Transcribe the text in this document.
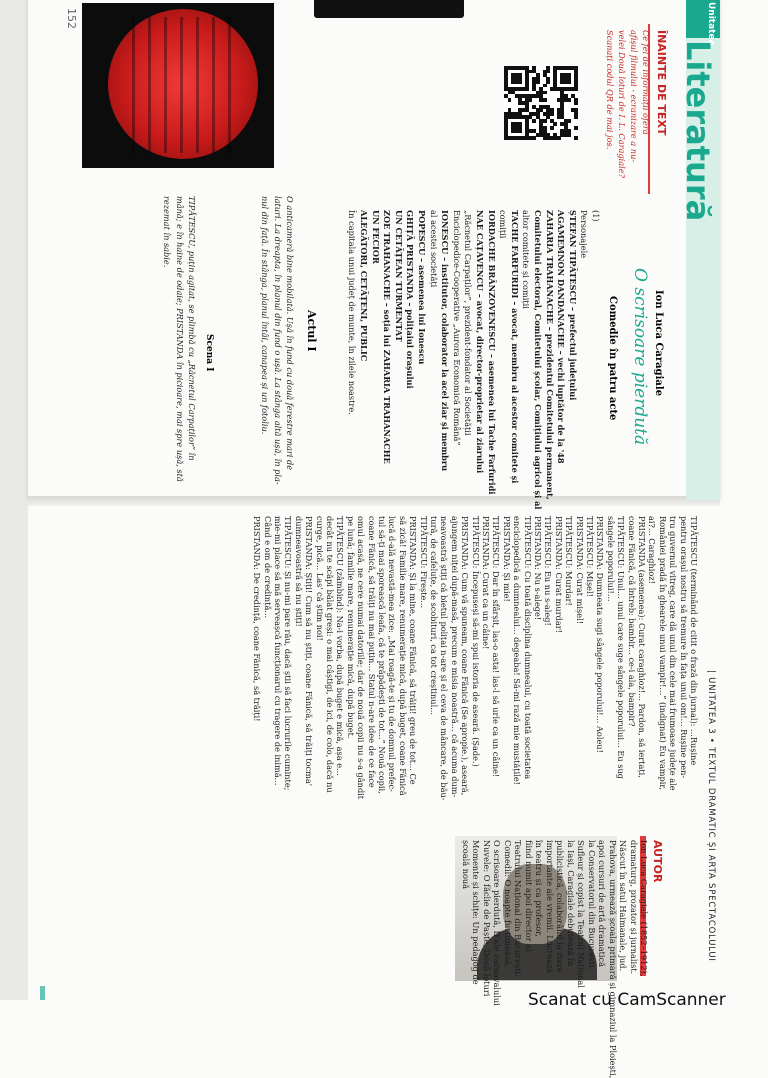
Unitatea
Literatură
152
ÎNAINTE DE TEXT
Ce fel de informații oferă
afișul filmului - ecranizare a nu-
velei Două loturi de I. L. Caragiale?
Scanați codul QR de mai jos.
Ion Luca Caragiale
O scrisoare pierdută
Comedie în patru acte
(1)
Personajele
ȘTEFAN TIPĂTESCU – prefectul județului
AGAMEMNON DANDANACHE – vechi luptător de la '48
ZAHARIA TRAHANACHE – prezidentul Comitetului permanent,
Comitetului electoral, Comitetului școlar, Comițiului agricol și al
altor comitete și comiții
TACHE FARFURIDI – avocat, membru al acestor comitete și
comiții
IORDACHE BRÂNZOVENESCU – asemenea lui Tache Farfuridi
NAE CAȚAVENCU – avocat, director-proprietar al ziarului
„Răcnetul Carpaților”, prezident-fondator al Societății
Enciclopedice-Cooperative „Aurora Economică Română”
IONESCU – institutor, colaborator la acel ziar și membru
al acestei societăți
POPESCU – asemenea lui Ionescu
GHIȚĂ PRISTANDA – polițaiul orașului
UN CETĂȚEAN TURMENTAT
ZOE TRAHANACHE – soția lui ZAHARIA TRAHANACHE
UN FECIOR
ALEGĂTORI, CETĂȚENI, PUBLIC
În capitala unui județ de munte, în zilele noastre.
Actul I
O anticameră bine mobilată. Ușă în fund cu două ferestre mari de
laturi. La dreapta, în planul din fund o ușă. La stânga altă ușă, în pla-
nul din față. În stânga, planul întâi, canapea și un fotoliu.
Scena I
TIPĂTESCU, puțin agitat, se plimbă cu „Răcnetul Carpaților” în
mână; e în haine de odaie; PRISTANDA în picioare, mai spre ușă, stă
rezemat în sabie.
| UNITATEA 3 • TEXTUL DRAMATIC ȘI ARTA SPECTACOLULUI
TIPĂTESCU (terminând de citit o frază din jurnal): ...Rușine
pentru orașul nostru să tremure în fața unui om!... Rușine pen-
tru guvernul vitreg, care dă unul din cele mai frumoase județe ale
României pradă în ghearele unui vampir!...” (indignat) Eu vampir,
ai?... Caraghioz!
PRISTANDA (asemenea): Curat caraghioz!... Pardon, să iertați,
coane Fănică, că întreb: bambir... ce-i ala, bampir?
TIPĂTESCU: Unul... unul care suge sângele poporului... Eu sug
sângele poporului!...
PRISTANDA: Dumneata sugi sângele poporului!... Aoleu!
TIPĂTESCU: Mișel!
PRISTANDA: Curat mișel!
TIPĂTESCU: Murdar!
PRISTANDA: Curat murdar!
TIPĂTESCU: Eu nu s-aleg!
PRISTANDA: Nu s-alege!
TIPĂTESCU: Cu toată disciplina dumnealui, cu toată societatea
enciclopedică a dumnealui... degeaba! Să-mi rază mie mustățile!
PRISTANDA: Și mie!
TIPĂTESCU: Dar în sfârșit, las-o asta! las-l să urle ca un câine!
PRISTANDA: Curat ca un câine!
TIPĂTESCU: Începuseși să-mi spui istoria de aseară. (Șade.)
PRISTANDA: Cum vă spuneam, coane Fănică (Se apropie.), aseară,
ajungem niței după-masă, precum e misia noastră... că acuma dum-
neavoastră știți că bietul polițai n-are și el ceva de mâncare, de bău-
tură, de cafeluțe, de scobituri, ca tot creștinul...
TIPĂTESCU: Firește...
PRISTANDA: Și la mine, coane Fănică, să trăiți! greu de tot... Ce
să zică! Familie mare, renumerație mică, după buget, coane Fănică
lucă d-ală nevastă-mea zice: „Mai roagă-te și tu de domnul prefec-
tul să-ți mai sporească leafa, că te prăpădești de tot...” Nouă copii,
coane Fănică, să trăiți nu mai puțin... Statul n-are idee de ce face
omul acasă, ne cere numai datoriile; dar de nouă copii nu s-a gândit
pe lună; familie mare, renumerație mică, după buget.
TIPĂTESCU (zâmbind): Na-i vorba, după buget e mică, așa e...
decât nu te scăpi bălat greși: o mai câștigi, de ici, de colo, dacă nu
curge, pică... Las' că știm noi!
PRISTANDA: Știți! Cum să nu știți, coane Fănică, să trăiți tocma'
dumneavoastră să nu știți!
TIPĂTESCU: Și nu-mi pare rău, dacă știi să faci lucrurile cuminte;
mie-mi place să mă serveașcă funcționarul cu tragere de inimă...
Când e om de credință...
PRISTANDA: De credință, coane Fănică, să trăiți!
AUTOR
Ion Luca Caragiale (1852–1912),
dramaturg, prozator și jurnalist.
Născut în satul Haimanale, jud.
Prahova, urmează școala primară și gimnaziul la Ploiești,
apoi cursuri de artă dramatică
la Conservatorul din București.
Sufleur și copist la Teatrul Național
la Iași, Caragiale debutează în
publicistică, colaborând la ziare
importante ale vremii. Lucrează
în teatru și ca profesor,
fiind numit apoi director al
Teatrului Național din București.
Comedii: O noapte furtunoasă,
O scrisoare pierdută, D'ale carnavalului
Nuvele: O făclie de Paște, Două loturi
Momente și schițe: Un pedagog de
școală nouă
Scanat cu CamScanner
